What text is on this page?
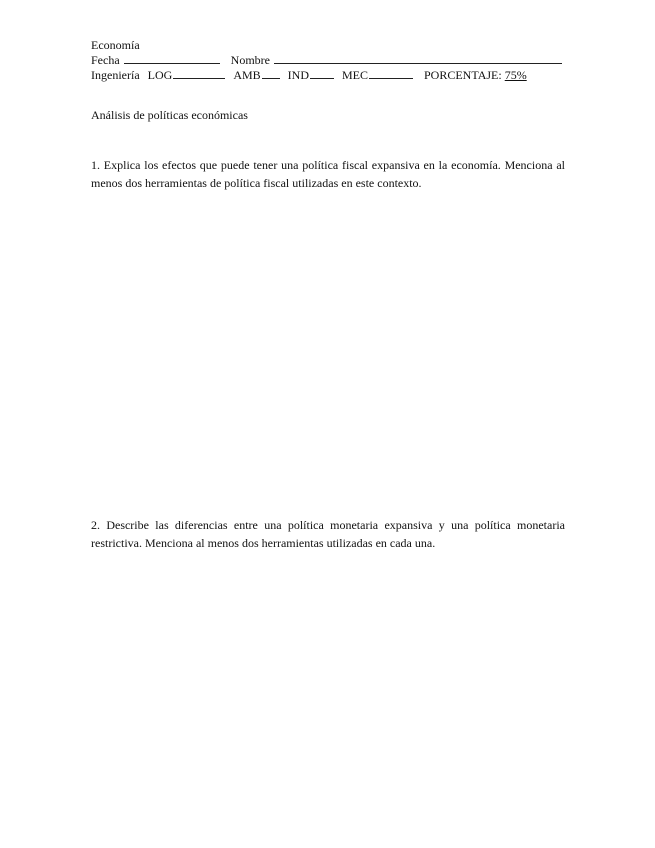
Economía
Fecha	Nombre
Ingeniería LOG	AMB IND	MEC	PORCENTAJE: 75%
Análisis de políticas económicas
1. Explica los efectos que puede tener una política fiscal expansiva en la economía. Menciona al menos dos herramientas de política fiscal utilizadas en este contexto.
2. Describe las diferencias entre una política monetaria expansiva y una política monetaria restrictiva. Menciona al menos dos herramientas utilizadas en cada una.
